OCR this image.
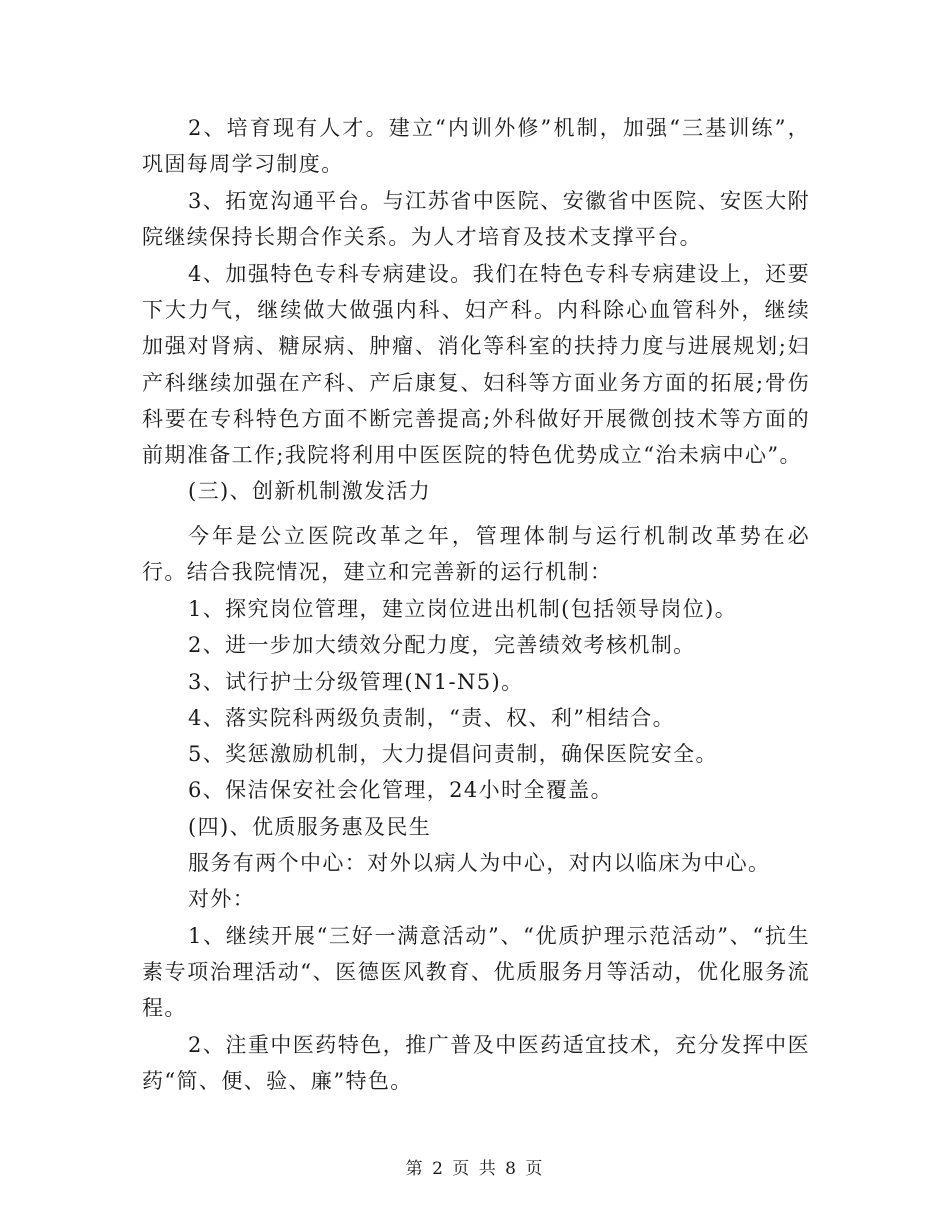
2、培育现有人才。建立“内训外修”机制，加强“三基训练”，巩固每周学习制度。

3、拓宽沟通平台。与江苏省中医院、安徽省中医院、安医大附院继续保持长期合作关系。为人才培育及技术支撑平台。

4、加强特色专科专病建设。我们在特色专科专病建设上，还要下大力气，继续做大做强内科、妇产科。内科除心血管科外，继续加强对肾病、糖尿病、肿瘤、消化等科室的扶持力度与进展规划;妇产科继续加强在产科、产后康复、妇科等方面业务方面的拓展;骨伤科要在专科特色方面不断完善提高;外科做好开展微创技术等方面的前期准备工作;我院将利用中医医院的特色优势成立“治未病中心”。

(三)、创新机制激发活力

今年是公立医院改革之年，管理体制与运行机制改革势在必行。结合我院情况，建立和完善新的运行机制：

1、探究岗位管理，建立岗位进出机制(包括领导岗位)。

2、进一步加大绩效分配力度，完善绩效考核机制。

3、试行护士分级管理(N1-N5)。

4、落实院科两级负责制，“责、权、利”相结合。

5、奖惩激励机制，大力提倡问责制，确保医院安全。

6、保洁保安社会化管理，24小时全覆盖。

(四)、优质服务惠及民生

服务有两个中心：对外以病人为中心，对内以临床为中心。

对外：

1、继续开展“三好一满意活动”、“优质护理示范活动”、“抗生素专项治理活动“、医德医风教育、优质服务月等活动，优化服务流程。

2、注重中医药特色，推广普及中医药适宜技术，充分发挥中医药“简、便、验、廉”特色。

第 2 页 共 8 页
